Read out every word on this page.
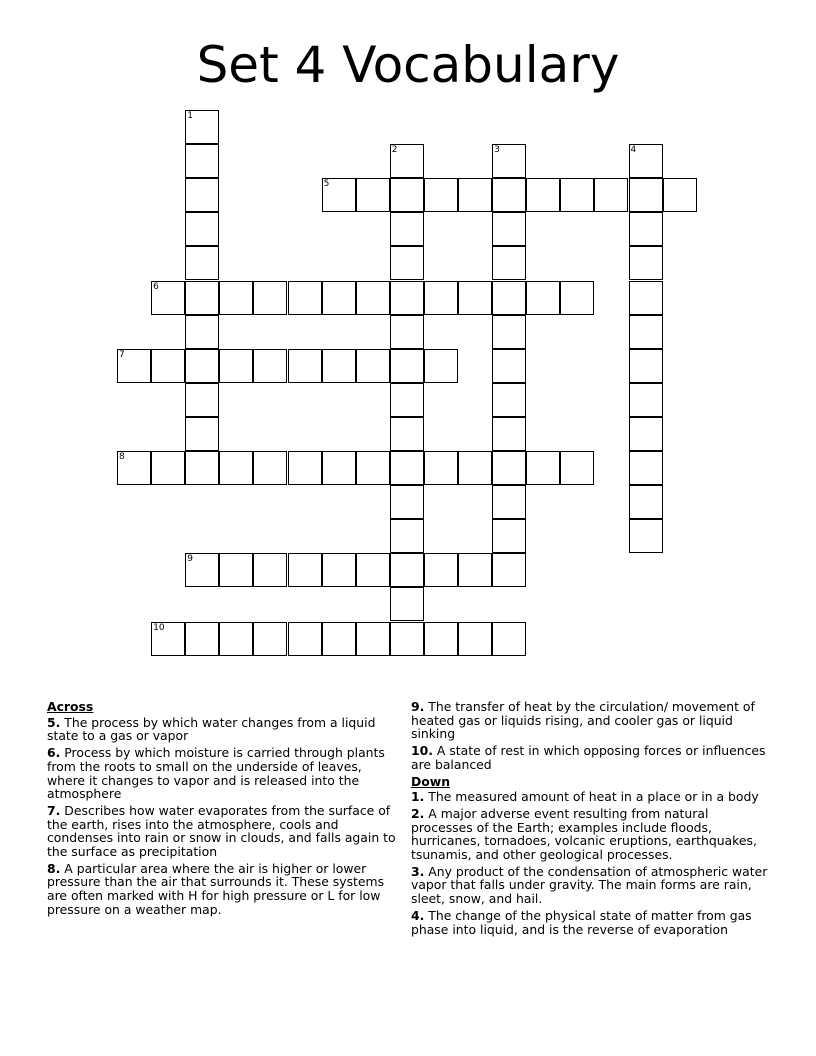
Set 4 Vocabulary
5
6
7
8
9
10
1
2	3	4
Across
5. The process by which water changes from a liquid state to a gas or vapor
6. Process by which moisture is carried through plants from the roots to small on the underside of leaves, where it changes to vapor and is released into the atmosphere
7. Describes how water evaporates from the surface of the earth, rises into the atmosphere, cools and condenses into rain or snow in clouds, and falls again to the surface as precipitation
8. A particular area where the air is higher or lower pressure than the air that surrounds it. These systems are often marked with H for high pressure or L for low pressure on a weather map.
9. The transfer of heat by the circulation/ movement of heated gas or liquids rising, and cooler gas or liquid sinking
10. A state of rest in which opposing forces or influences are balanced
Down
1. The measured amount of heat in a place or in a body
2. A major adverse event resulting from natural processes of the Earth; examples include floods, hurricanes, tornadoes, volcanic eruptions, earthquakes, tsunamis, and other geological processes.
3. Any product of the condensation of atmospheric water vapor that falls under gravity. The main forms are rain, sleet, snow, and hail.
4. The change of the physical state of matter from gas phase into liquid, and is the reverse of evaporation
